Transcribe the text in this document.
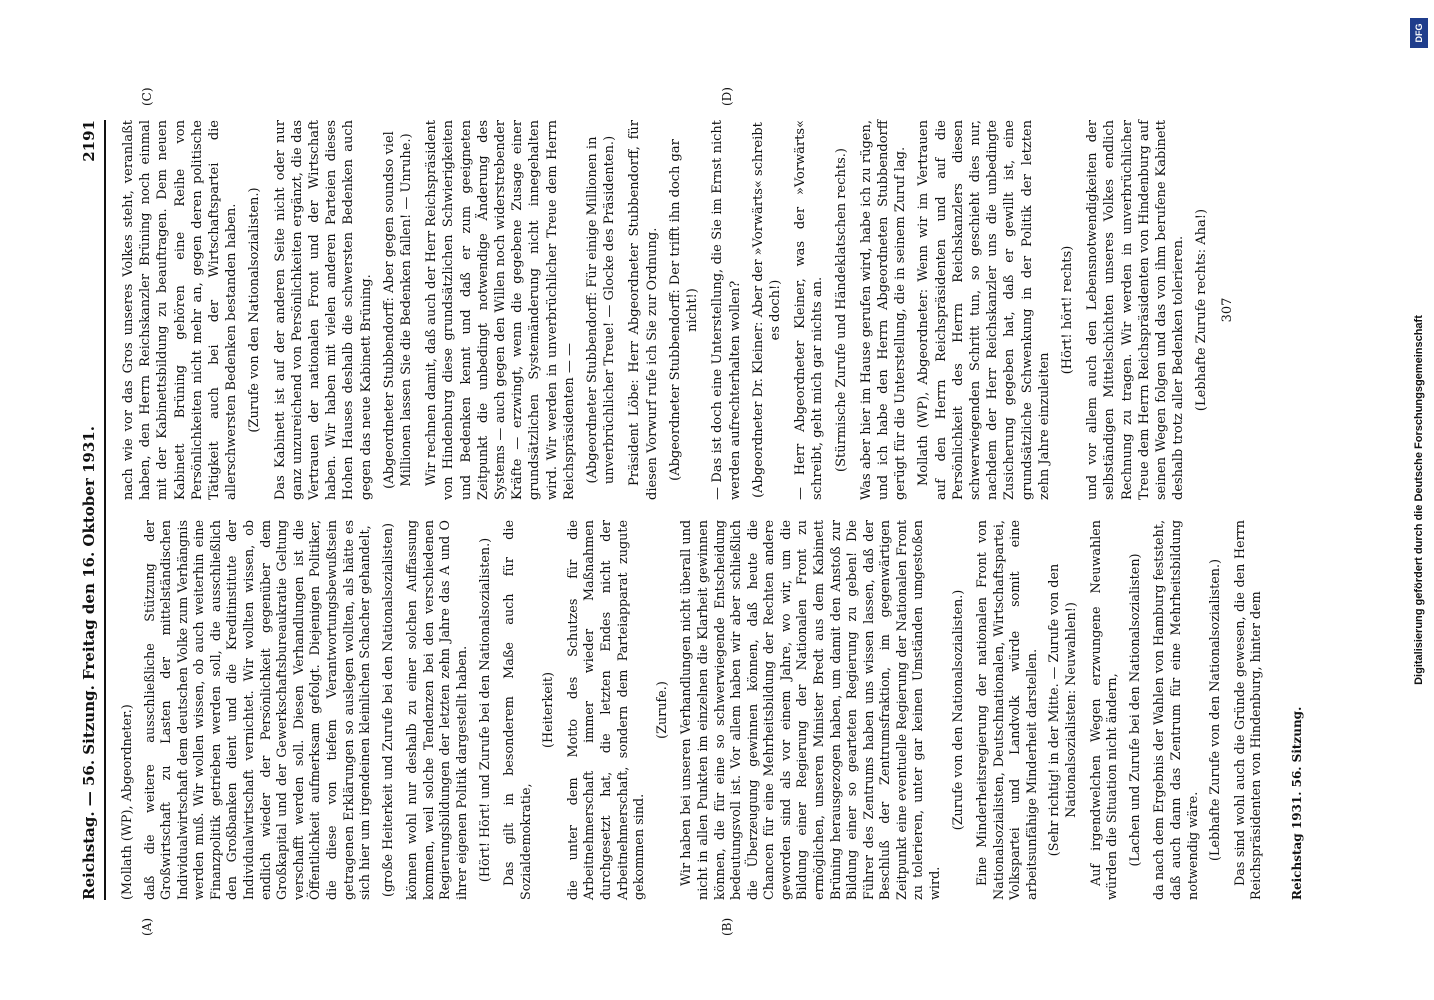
Reichstag. — 56. Sitzung. Freitag den 16. Oktober 1931.
2191
(A)	(B)
(C)	(D)

(Mollath (WP), Abgeordneter.) daß die weitere ausschließliche Stützung der Großwirtschaft zu Lasten der mittelständischen Individualwirtschaft dem deutschen Volke zum Verhängnis werden muß. Wir wollen wissen, ob auch weiterhin eine Finanzpolitik getrieben werden soll, die ausschließlich den Großbanken dient und die Kreditinstitute der Individualwirtschaft vernichtet. Wir wollten wissen, ob endlich wieder der Persönlichkeit gegenüber dem Großkapital und der Gewerkschaftsbureaukratie Geltung verschafft werden soll. Diesen Verhandlungen ist die Öffentlichkeit aufmerksam gefolgt. Diejenigen Politiker, die diese von tiefem Verantwortungsbewußtsein getragenen Erklärungen so auslegen wollten, als hätte es sich hier um irgendeinen kleinlichen Schacher gehandelt, (große Heiterkeit und Zurufe bei den Nationalsozialisten) können wohl nur deshalb zu einer solchen Auffassung kommen, weil solche Tendenzen bei den verschiedenen Regierungsbildungen der letzten zehn Jahre das A und O ihrer eigenen Politik dargestellt haben. (Hört! Hört! und Zurufe bei den Nationalsozialisten.) Das gilt in besonderem Maße auch für die Sozialdemokratie,

(Heiterkeit) die unter dem Motto des Schutzes für die Arbeitnehmerschaft immer wieder Maßnahmen durchgesetzt hat, die letzten Endes nicht der Arbeitnehmerschaft, sondern dem Parteiapparat zugute gekommen sind.

(Zurufe.) Wir haben bei unseren Verhandlungen nicht überall und nicht in allen Punkten im einzelnen die Klarheit gewinnen können, die für eine so schwerwiegende Entscheidung bedeutungsvoll ist. Vor allem haben wir aber schließlich die Überzeugung gewinnen können, daß heute die Chancen für eine Mehrheitsbildung der Rechten andere geworden sind als vor einem Jahre, wo wir, um die Bildung einer Regierung der Nationalen Front zu ermöglichen, unseren Minister Bredt aus dem Kabinett Brüning herausgezogen haben, um damit den Anstoß zur Bildung einer so gearteten Regierung zu geben! Die Führer des Zentrums haben uns wissen lassen, daß der Beschluß der Zentrumsfraktion, im gegenwärtigen Zeitpunkt eine eventuelle Regierung der Nationalen Front zu tolerieren, unter gar keinen Umständen umgestoßen wird.

(Zurufe von den Nationalsozialisten.) Eine Minderheitsregierung der nationalen Front von Nationalsozialisten, Deutschnationalen, Wirtschaftspartei, Volkspartei und Landvolk würde somit eine arbeitsunfähige Minderheit darstellen. (Sehr richtig! in der Mitte. — Zurufe von den Nationalsozialisten: Neuwahlen!) Auf irgendwelchen Wegen erzwungene Neuwahlen würden die Situation nicht ändern, (Lachen und Zurufe bei den Nationalsozialisten) da nach dem Ergebnis der Wahlen von Hamburg feststeht, daß auch dann das Zentrum für eine Mehrheitsbildung notwendig wäre. (Lebhafte Zurufe von den Nationalsozialisten.) Das sind wohl auch die Gründe gewesen, die den Herrn Reichspräsidenten von Hindenburg, hinter dem Reichstag 1931. 56. Sitzung.

nach wie vor das Gros unseres Volkes steht, veranlaßt haben, den Herrn Reichskanzler Brüning noch einmal mit der Kabinettsbildung zu beauftragen. Dem neuen Kabinett Brüning gehören eine Reihe von Persönlichkeiten nicht mehr an, gegen deren politische Tätigkeit auch bei der Wirtschaftspartei die allerschwersten Bedenken bestanden haben. (Zurufe von den Nationalsozialisten.) Das Kabinett ist auf der anderen Seite nicht oder nur ganz unzureichend von Persönlichkeiten ergänzt, die das Vertrauen der nationalen Front und der Wirtschaft haben. Wir haben mit vielen anderen Parteien dieses Hohen Hauses deshalb die schwersten Bedenken auch gegen das neue Kabinett Brüning. (Abgeordneter Stubbendorff: Aber gegen soundso viel Millionen lassen Sie die Bedenken fallen! — Unruhe.) Wir rechnen damit, daß auch der Herr Reichspräsident von Hindenburg diese grundsätzlichen Schwierigkeiten und Bedenken kennt und daß er zum geeigneten Zeitpunkt die unbedingt notwendige Änderung des Systems — auch gegen den Willen noch widerstrebender Kräfte — erzwingt, wenn die gegebene Zusage einer grundsätzlichen Systemänderung nicht innegehalten wird. Wir werden in unverbrüchlicher Treue dem Herrn Reichspräsidenten — — (Abgeordneter Stubbendorff: Für einige Millionen in unverbrüchlicher Treue! — Glocke des Präsidenten.) Präsident Löbe: Herr Abgeordneter Stubbendorff, für diesen Vorwurf rufe ich Sie zur Ordnung. (Abgeordneter Stubbendorff: Der trifft ihn doch gar nicht!) — Das ist doch eine Unterstellung, die Sie im Ernst nicht werden aufrechterhalten wollen? (Abgeordneter Dr. Kleiner: Aber der »Vorwärts« schreibt es doch!) — Herr Abgeordneter Kleiner, was der »Vorwärts« schreibt, geht mich gar nichts an. (Stürmische Zurufe und Händeklatschen rechts.) Was aber hier im Hause gerufen wird, habe ich zu rügen, und ich habe den Herrn Abgeordneten Stubbendorff gerügt für die Unterstellung, die in seinem Zuruf lag. Mollath (WP), Abgeordneter: Wenn wir im Vertrauen auf den Herrn Reichspräsidenten und auf die Persönlichkeit des Herrn Reichskanzlers diesen schwerwiegenden Schritt tun, so geschieht dies nur, nachdem der Herr Reichskanzler uns die unbedingte Zusicherung gegeben hat, daß er gewillt ist, eine grundsätzliche Schwenkung in der Politik der letzten zehn Jahre einzuleiten

(Hört! hört! rechts) und vor allem auch den Lebensnotwendigkeiten der selbständigen Mittelschichten unseres Volkes endlich Rechnung zu tragen. Wir werden in unverbrüchlicher Treue dem Herrn Reichspräsidenten von Hindenburg auf seinen Wegen folgen und das von ihm berufene Kabinett deshalb trotz aller Bedenken tolerieren. (Lebhafte Zurufe rechts: Aha!) 307

DFG
Digitalisierung gefördert durch die Deutsche Forschungsgemeinschaft
